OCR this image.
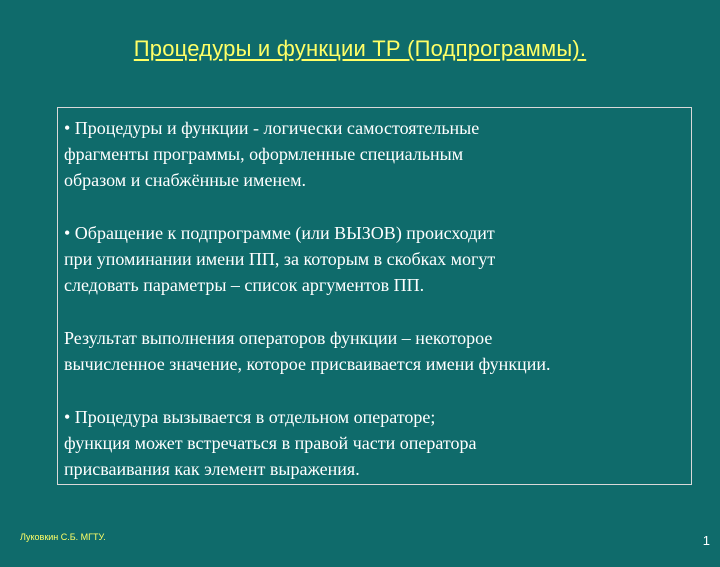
Процедуры и функции ТР (Подпрограммы).
• Процедуры и функции - логически самостоятельные
фрагменты программы, оформленные специальным
образом и снабжённые именем.
• Обращение к подпрограмме (или ВЫЗОВ) происходит
при упоминании имени ПП, за которым в скобках могут
следовать параметры – список аргументов ПП.
Результат выполнения операторов функции – некоторое
вычисленное значение, которое присваивается имени функции.
• Процедура вызывается в отдельном операторе;
функция может встречаться в правой части оператора
присваивания как элемент выражения.
Луковкин С.Б. МГТУ.	1
